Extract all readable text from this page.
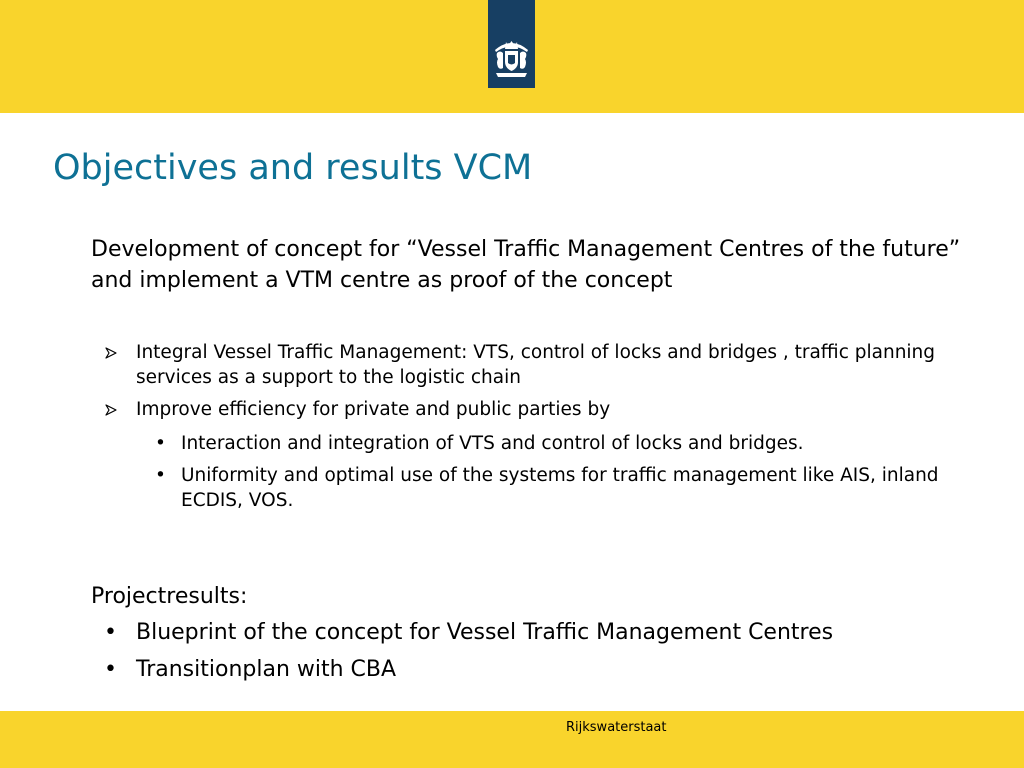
Objectives and results VCM

Development of concept for “Vessel Traffic Management Centres of the future” and implement a VTM centre as proof of the concept

Integral Vessel Traffic Management: VTS, control of locks and bridges , traffic planning services as a support to the logistic chain
Improve efficiency for private and public parties by
• Interaction and integration of VTS and control of locks and bridges.
• Uniformity and optimal use of the systems for traffic management like AIS, inland ECDIS, VOS.

Projectresults:

• Blueprint of the concept for Vessel Traffic Management Centres
• Transitionplan with CBA
Rijkswaterstaat
